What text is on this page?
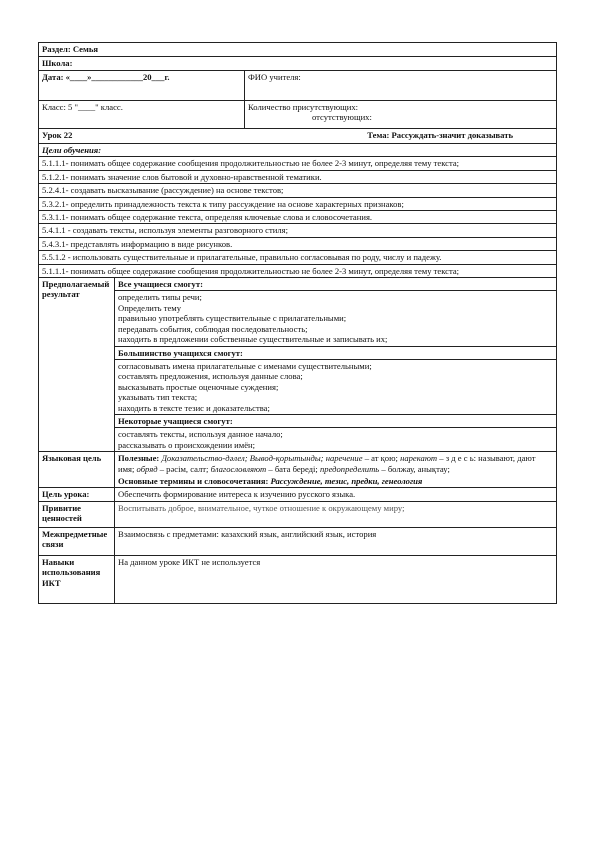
Раздел: Семья		
Школа:		
Дата: «____»____________20___г.		ФИО учителя:
Класс: 5 "____" класс.		Количество присутствующих:
отсутствующих:

Урок 22 Тема: Рассуждать-значит доказывать		

Цели обучения:		
5.1.1.1- понимать общее содержание сообщения продолжительностью не более 2-3 минут, определяя тему текста;		
5.1.2.1- понимать значение слов бытовой и духовно-нравственной тематики.		
5.2.4.1- создавать высказывание (рассуждение) на основе текстов;		
5.3.2.1- определить принадлежность текста к типу рассуждение на основе характерных признаков;		
5.3.1.1- понимать общее содержание текста, определяя ключевые слова и словосочетания.		
5.4.1.1 - создавать тексты, используя элементы разговорного стиля;		
5.4.3.1- представлять информацию в виде рисунков.		
5.5.1.2 - использовать существительные и прилагательные, правильно согласовывая по роду, числу и падежу.		
5.1.1.1- понимать общее содержание сообщения продолжительностью не более 2-3 минут, определяя тему текста;		
Предполагаемый результат	Все учащиеся смогут:	

	определить типы речи;
Определить тему
правильно употреблять существительные с прилагательными;
передавать события, соблюдая последовательность;
находить в предложении собственные существительные и записывать их;	

	Большинство учащихся смогут:	

	согласовывать имена прилагательные с именами существительными;
составлять предложения, используя данные слова;
высказывать простые оценочные суждения;
указывать тип текста;
находить в тексте тезис и доказательства;	

	Некоторые учащиеся смогут:	

	составлять тексты, используя данное начало;
рассказывать о происхождении имён;	

Языковая цель	Полезные: Доказательство-дәлел; Вывод-қорытынды; наречение – ат қою; нарекают – з д е с ь: называют, дают имя; обряд – рәсім, салт; благословляют – бата береді; предопределить – болжау, анықтау;
Основные термины и словосочетания: Рассуждение, тезис, предки, генеология	

Цель урока:	Обеспечить формирование интереса к изучению русского языка.	
Привитие ценностей	Воспитывать доброе, внимательное, чуткое отношение к окружающему миру;	
Межпредметные связи	Взаимосвязь с предметами: казахский язык, английский язык, история	
Навыки использования ИКТ	На данном уроке ИКТ не используется	
